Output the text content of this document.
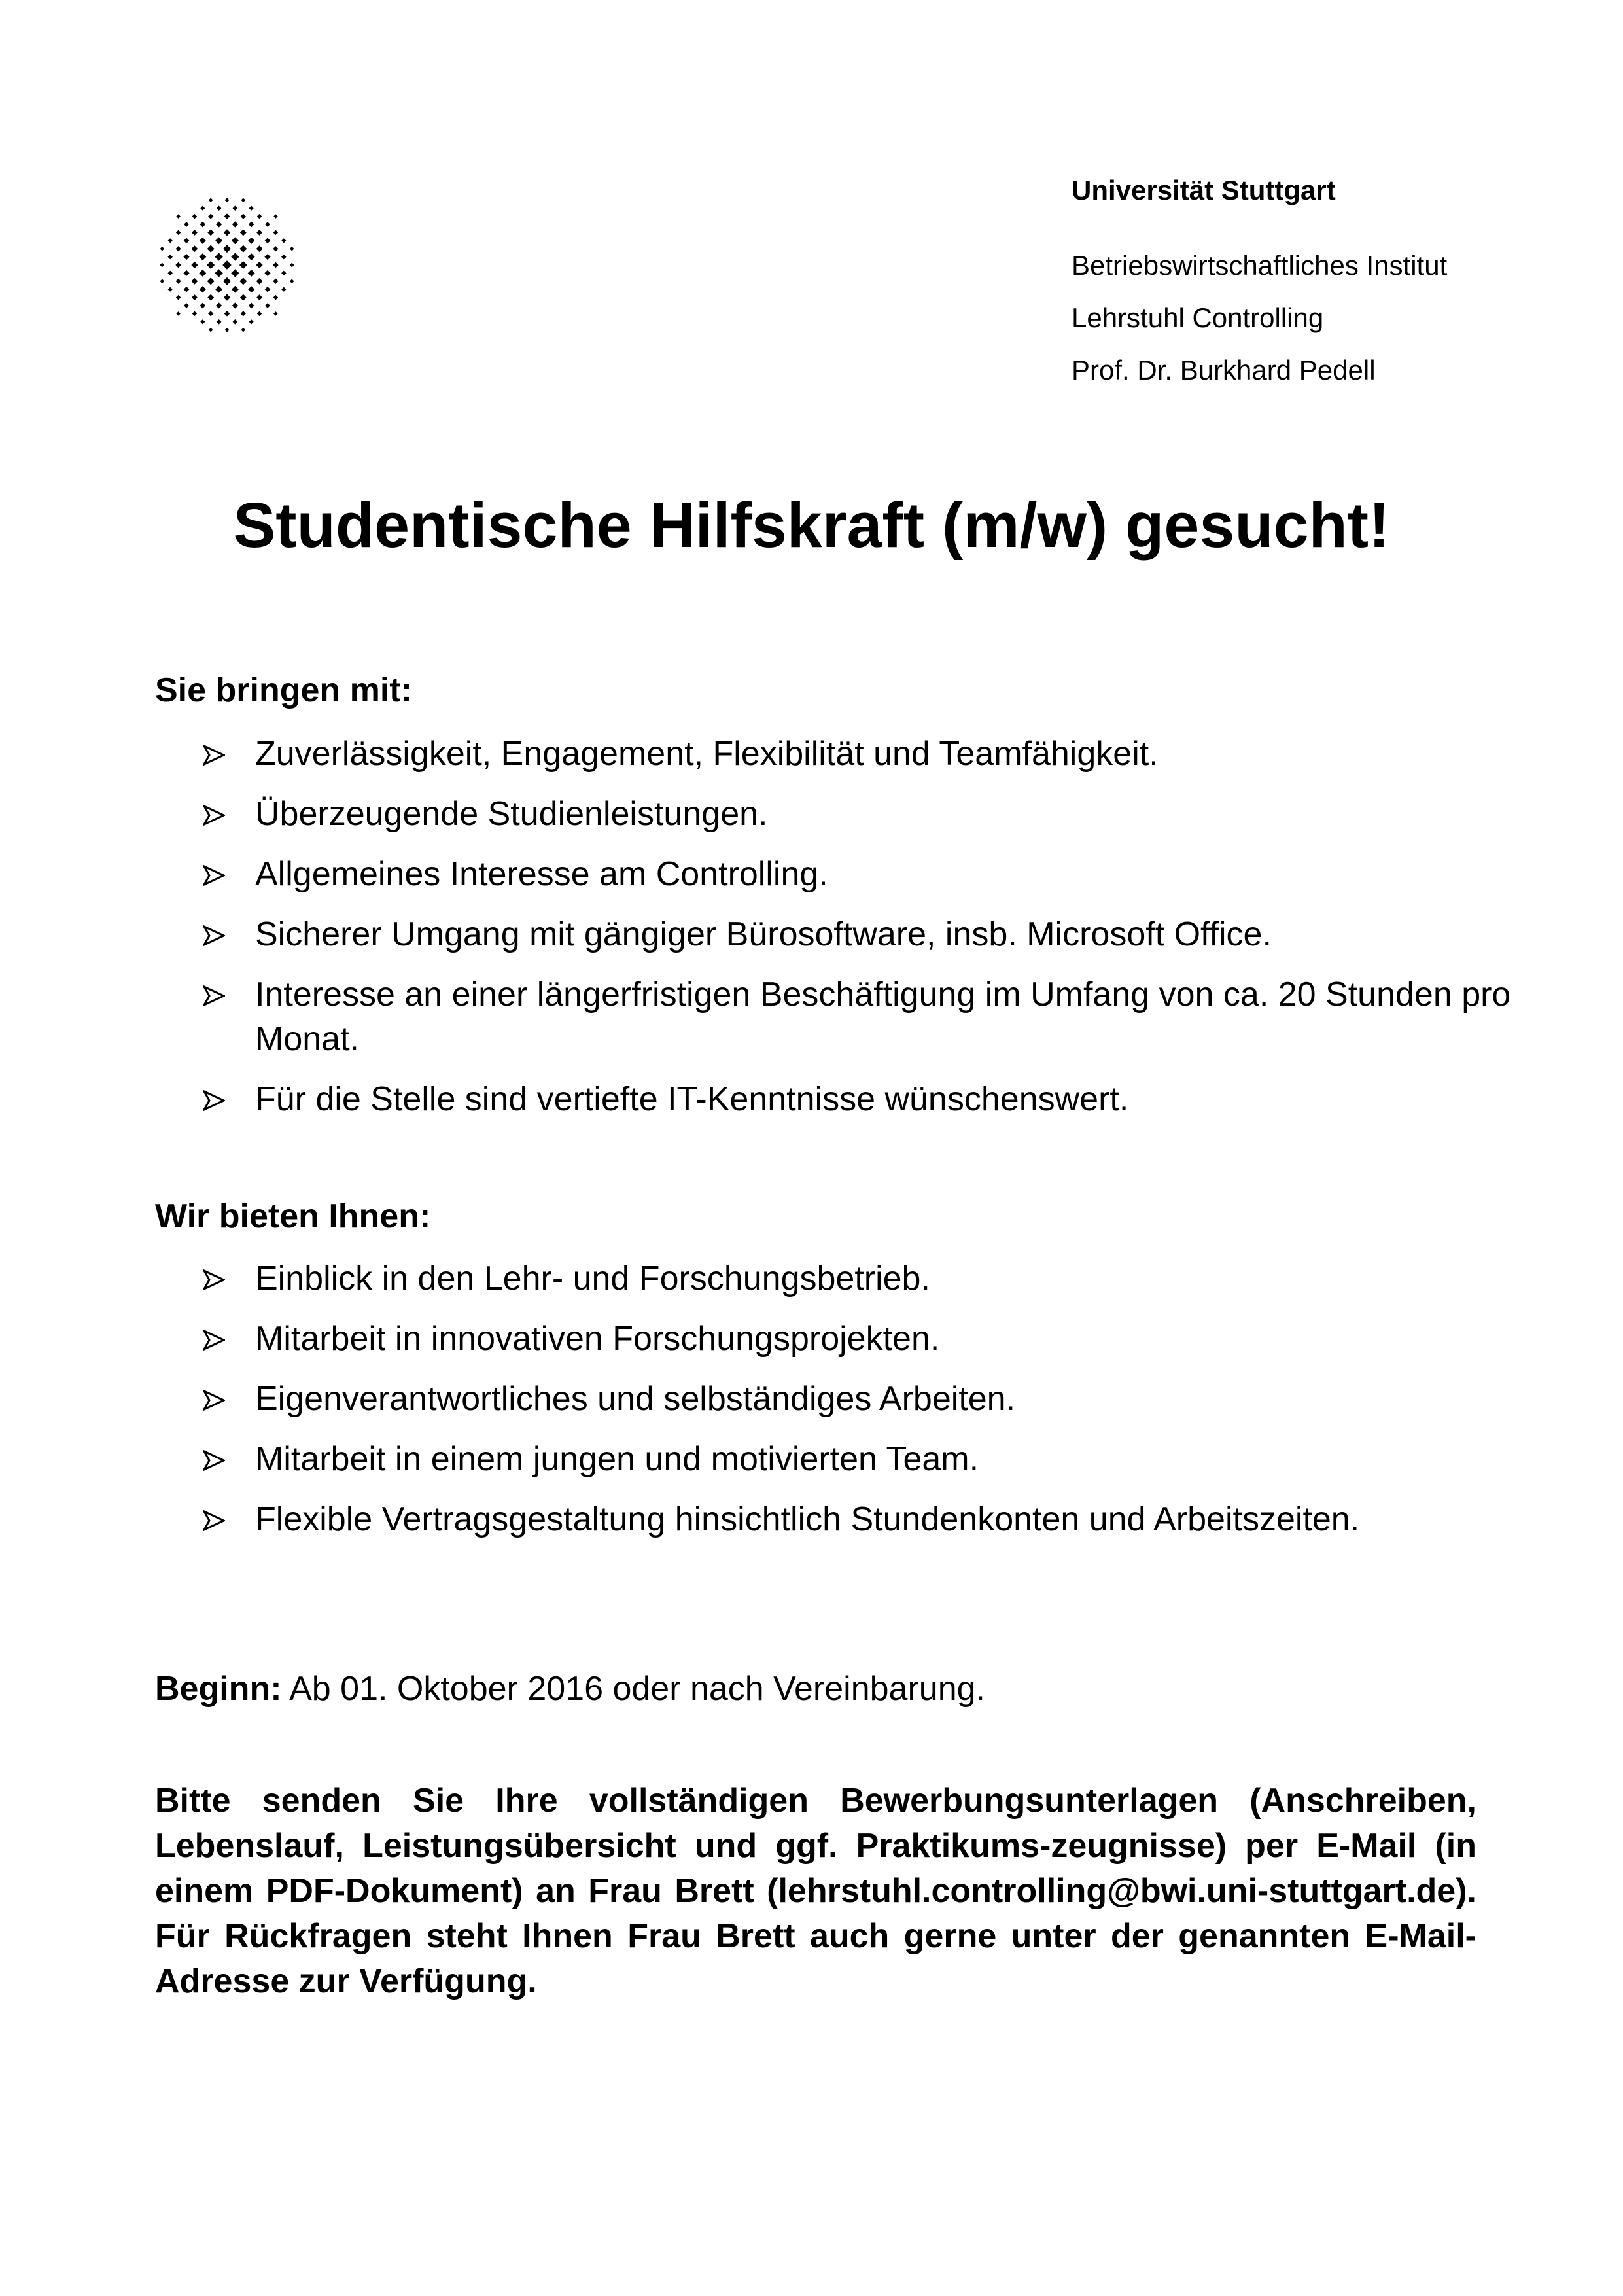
Universität Stuttgart

Betriebswirtschaftliches Institut

Lehrstuhl Controlling

Prof. Dr. Burkhard Pedell

Studentische Hilfskraft (m/w) gesucht!
Sie bringen mit:
Zuverlässigkeit, Engagement, Flexibilität und Teamfähigkeit.
Überzeugende Studienleistungen.
Allgemeines Interesse am Controlling.
Sicherer Umgang mit gängiger Bürosoftware, insb. Microsoft Office.
Interesse an einer längerfristigen Beschäftigung im Umfang von ca. 20 Stunden pro Monat.
Für die Stelle sind vertiefte IT-Kenntnisse wünschenswert.
Wir bieten Ihnen:
Einblick in den Lehr- und Forschungsbetrieb.
Mitarbeit in innovativen Forschungsprojekten.
Eigenverantwortliches und selbständiges Arbeiten.
Mitarbeit in einem jungen und motivierten Team.
Flexible Vertragsgestaltung hinsichtlich Stundenkonten und Arbeitszeiten.

Beginn: Ab 01. Oktober 2016 oder nach Vereinbarung.

Bitte senden Sie Ihre vollständigen Bewerbungsunterlagen (Anschreiben, Lebenslauf, Leistungsübersicht und ggf. Praktikums-zeugnisse) per E-Mail (in einem PDF-Dokument) an Frau Brett (lehrstuhl.controlling@bwi.uni-stuttgart.de). Für Rückfragen steht Ihnen Frau Brett auch gerne unter der genannten E-Mail-Adresse zur Verfügung.
